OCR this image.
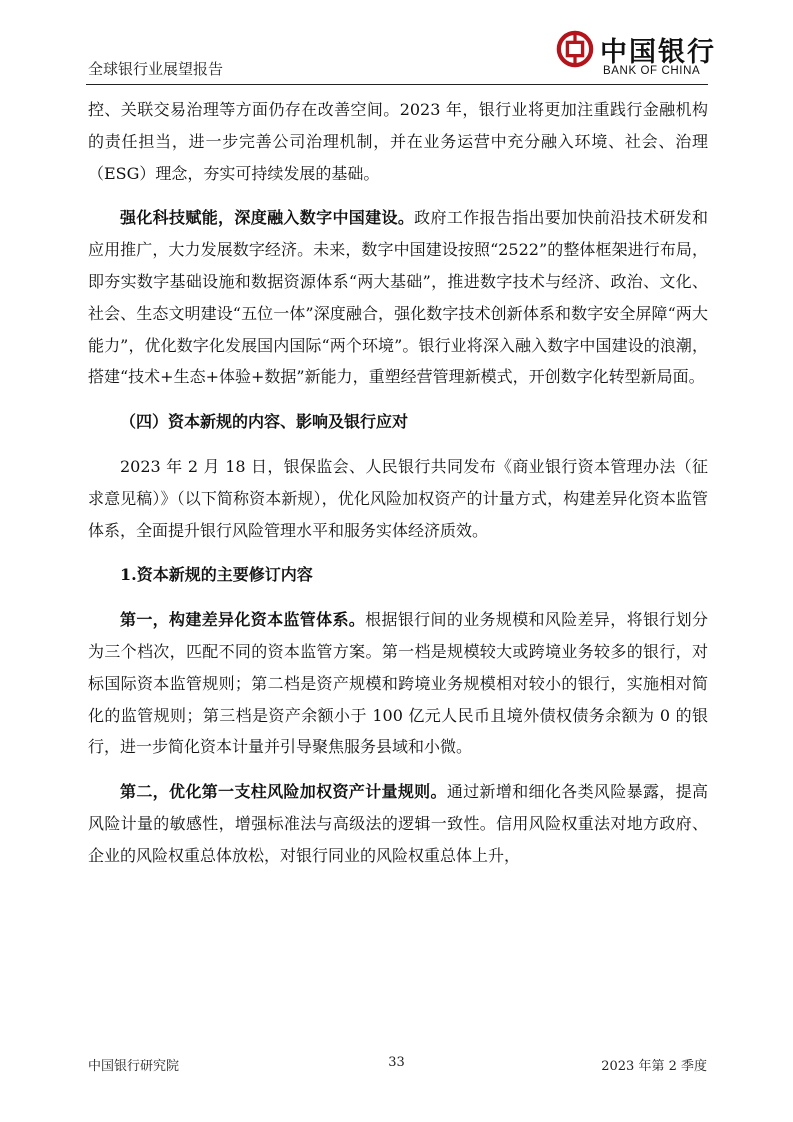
全球银行业展望报告
中国银行
BANK OF CHINA

控、关联交易治理等方面仍存在改善空间。2023 年，银行业将更加注重践行金融机构的责任担当，进一步完善公司治理机制，并在业务运营中充分融入环境、社会、治理（ESG）理念，夯实可持续发展的基础。

强化科技赋能，深度融入数字中国建设。政府工作报告指出要加快前沿技术研发和应用推广，大力发展数字经济。未来，数字中国建设按照“2522”的整体框架进行布局，即夯实数字基础设施和数据资源体系“两大基础”，推进数字技术与经济、政治、文化、社会、生态文明建设“五位一体”深度融合，强化数字技术创新体系和数字安全屏障“两大能力”，优化数字化发展国内国际“两个环境”。银行业将深入融入数字中国建设的浪潮，搭建“技术+生态+体验+数据”新能力，重塑经营管理新模式，开创数字化转型新局面。

（四）资本新规的内容、影响及银行应对

2023 年 2 月 18 日，银保监会、人民银行共同发布《商业银行资本管理办法（征求意见稿）》（以下简称资本新规），优化风险加权资产的计量方式，构建差异化资本监管体系，全面提升银行风险管理水平和服务实体经济质效。

1.资本新规的主要修订内容

第一，构建差异化资本监管体系。根据银行间的业务规模和风险差异，将银行划分为三个档次，匹配不同的资本监管方案。第一档是规模较大或跨境业务较多的银行，对标国际资本监管规则；第二档是资产规模和跨境业务规模相对较小的银行，实施相对简化的监管规则；第三档是资产余额小于 100 亿元人民币且境外债权债务余额为 0 的银行，进一步简化资本计量并引导聚焦服务县域和小微。

第二，优化第一支柱风险加权资产计量规则。通过新增和细化各类风险暴露，提高风险计量的敏感性，增强标准法与高级法的逻辑一致性。信用风险权重法对地方政府、企业的风险权重总体放松，对银行同业的风险权重总体上升，

中国银行研究院	33	2023 年第 2 季度
